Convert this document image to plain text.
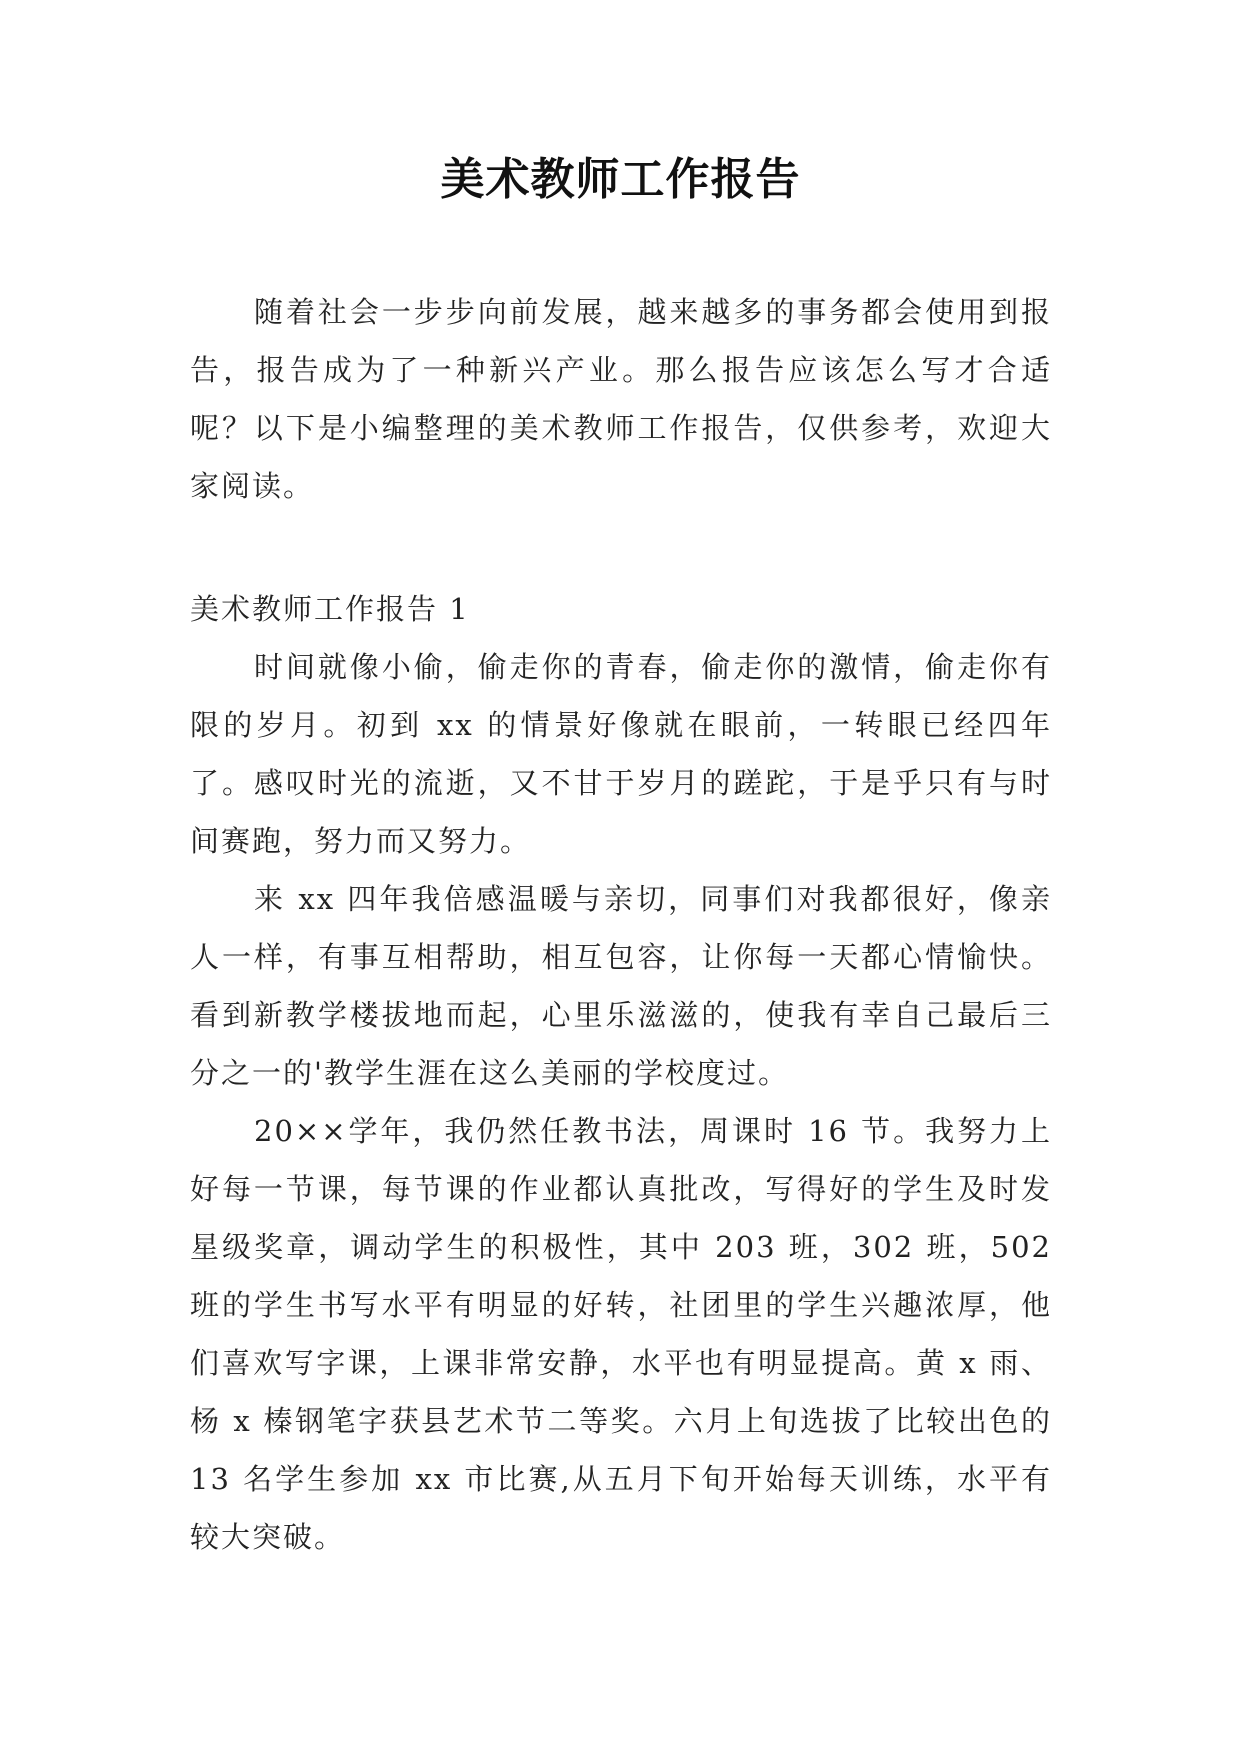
美术教师工作报告

随着社会一步步向前发展，越来越多的事务都会使用到报告，报告成为了一种新兴产业。那么报告应该怎么写才合适呢？以下是小编整理的美术教师工作报告，仅供参考，欢迎大家阅读。

美术教师工作报告 1

时间就像小偷，偷走你的青春，偷走你的激情，偷走你有限的岁月。初到 xx 的情景好像就在眼前，一转眼已经四年了。感叹时光的流逝，又不甘于岁月的蹉跎，于是乎只有与时间赛跑，努力而又努力。

来 xx 四年我倍感温暖与亲切，同事们对我都很好，像亲人一样，有事互相帮助，相互包容，让你每一天都心情愉快。看到新教学楼拔地而起，心里乐滋滋的，使我有幸自己最后三分之一的'教学生涯在这么美丽的学校度过。

20××学年，我仍然任教书法，周课时 16 节。我努力上好每一节课，每节课的作业都认真批改，写得好的学生及时发星级奖章，调动学生的积极性，其中 203 班，302 班，502 班的学生书写水平有明显的好转，社团里的学生兴趣浓厚，他们喜欢写字课，上课非常安静，水平也有明显提高。黄 x 雨、杨 x 榛钢笔字获县艺术节二等奖。六月上旬选拔了比较出色的 13 名学生参加 xx 市比赛,从五月下旬开始每天训练，水平有较大突破。
